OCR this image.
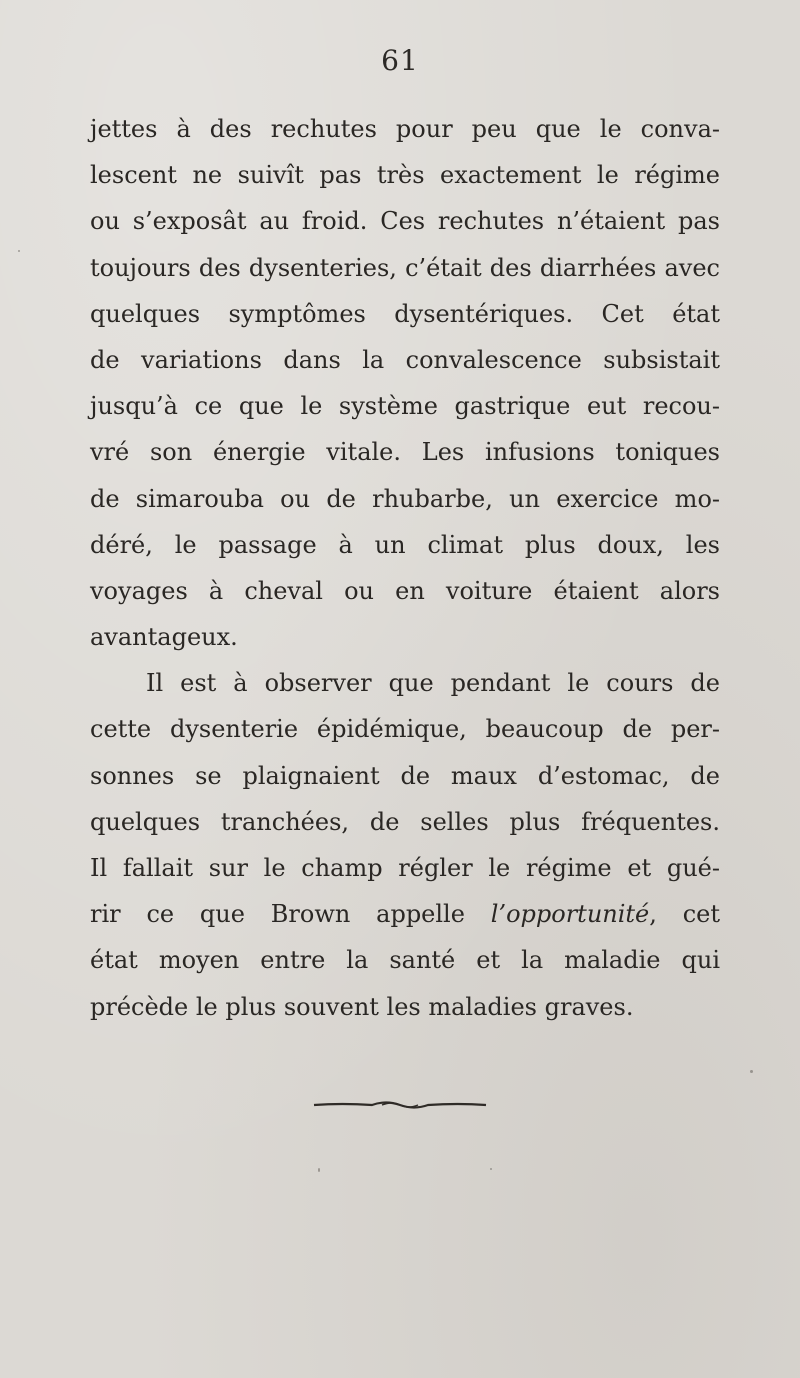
61
jettes à des rechutes pour peu que le conva-
lescent ne suivît pas très exactement le régime
ou s’exposât au froid. Ces rechutes n’étaient pas
toujours des dysenteries, c’était des diarrhées avec
quelques symptômes dysentériques. Cet état
de variations dans la convalescence subsistait
jusqu’à ce que le système gastrique eut recou-
vré son énergie vitale. Les infusions toniques
de simarouba ou de rhubarbe, un exercice mo-
déré, le passage à un climat plus doux, les
voyages à cheval ou en voiture étaient alors
avantageux.
Il est à observer que pendant le cours de
cette dysenterie épidémique, beaucoup de per-
sonnes se plaignaient de maux d’estomac, de
quelques tranchées, de selles plus fréquentes.
Il fallait sur le champ régler le régime et gué-
rir ce que Brown appelle l’opportunité, cet
état moyen entre la santé et la maladie qui
précède le plus souvent les maladies graves.
